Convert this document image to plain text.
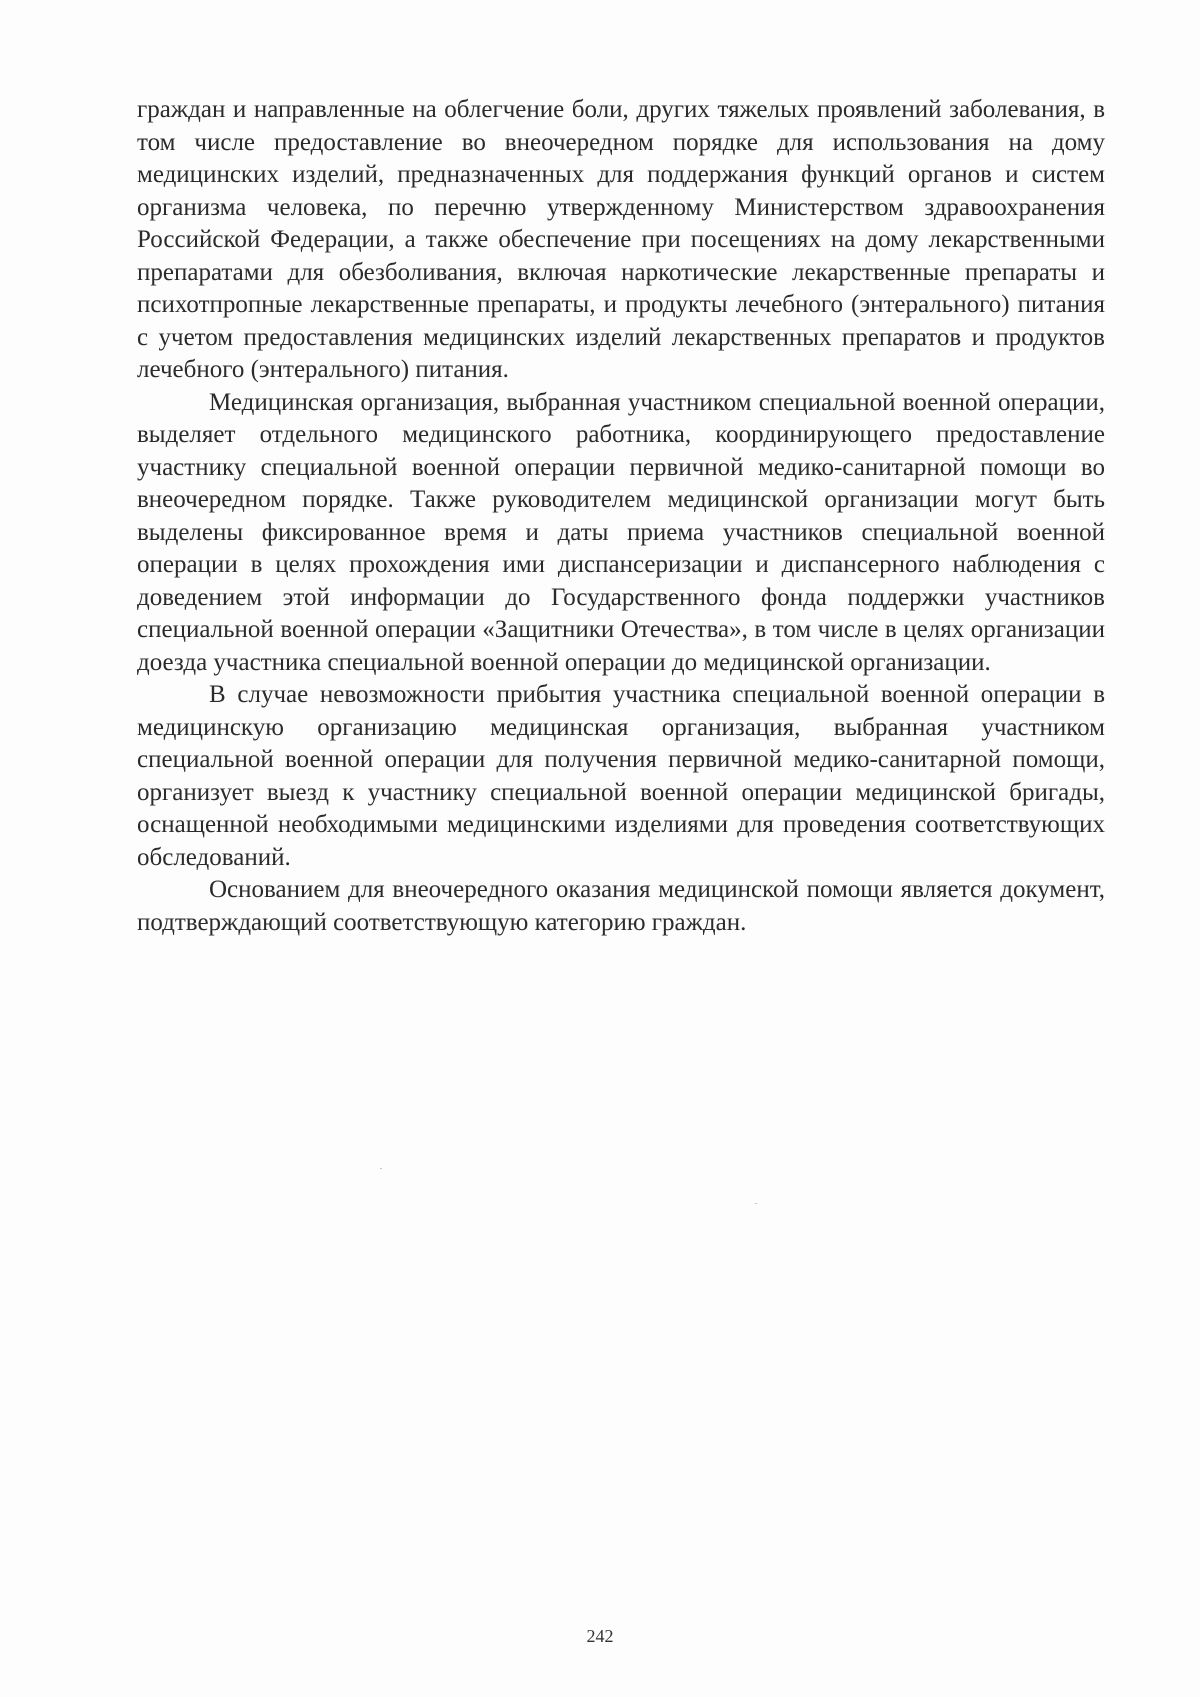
граждан и направленные на облегчение боли, других тяжелых проявлений заболевания, в том числе предоставление во внеочередном порядке для использования на дому медицинских изделий, предназначенных для поддержания функций органов и систем организма человека, по перечню утвержденному Министерством здравоохранения Российской Федерации, а также обеспечение при посещениях на дому лекарственными препаратами для обезболивания, включая наркотические лекарственные препараты и психотпропные лекарственные препараты, и продукты лечебного (энтерального) питания с учетом предоставления медицинских изделий лекарственных препаратов и продуктов лечебного (энтерального) питания.

Медицинская организация, выбранная участником специальной военной операции, выделяет отдельного медицинского работника, координирующего предоставление участнику специальной военной операции первичной медико-санитарной помощи во внеочередном порядке. Также руководителем медицинской организации могут быть выделены фиксированное время и даты приема участников специальной военной операции в целях прохождения ими диспансеризации и диспансерного наблюдения с доведением этой информации до Государственного фонда поддержки участников специальной военной операции «Защитники Отечества», в том числе в целях организации доезда участника специальной военной операции до медицинской организации.

В случае невозможности прибытия участника специальной военной операции в медицинскую организацию медицинская организация, выбранная участником специальной военной операции для получения первичной медико-санитарной помощи, организует выезд к участнику специальной военной операции медицинской бригады, оснащенной необходимыми медицинскими изделиями для проведения соответствующих обследований.

Основанием для внеочередного оказания медицинской помощи является документ, подтверждающий соответствующую категорию граждан.

242
